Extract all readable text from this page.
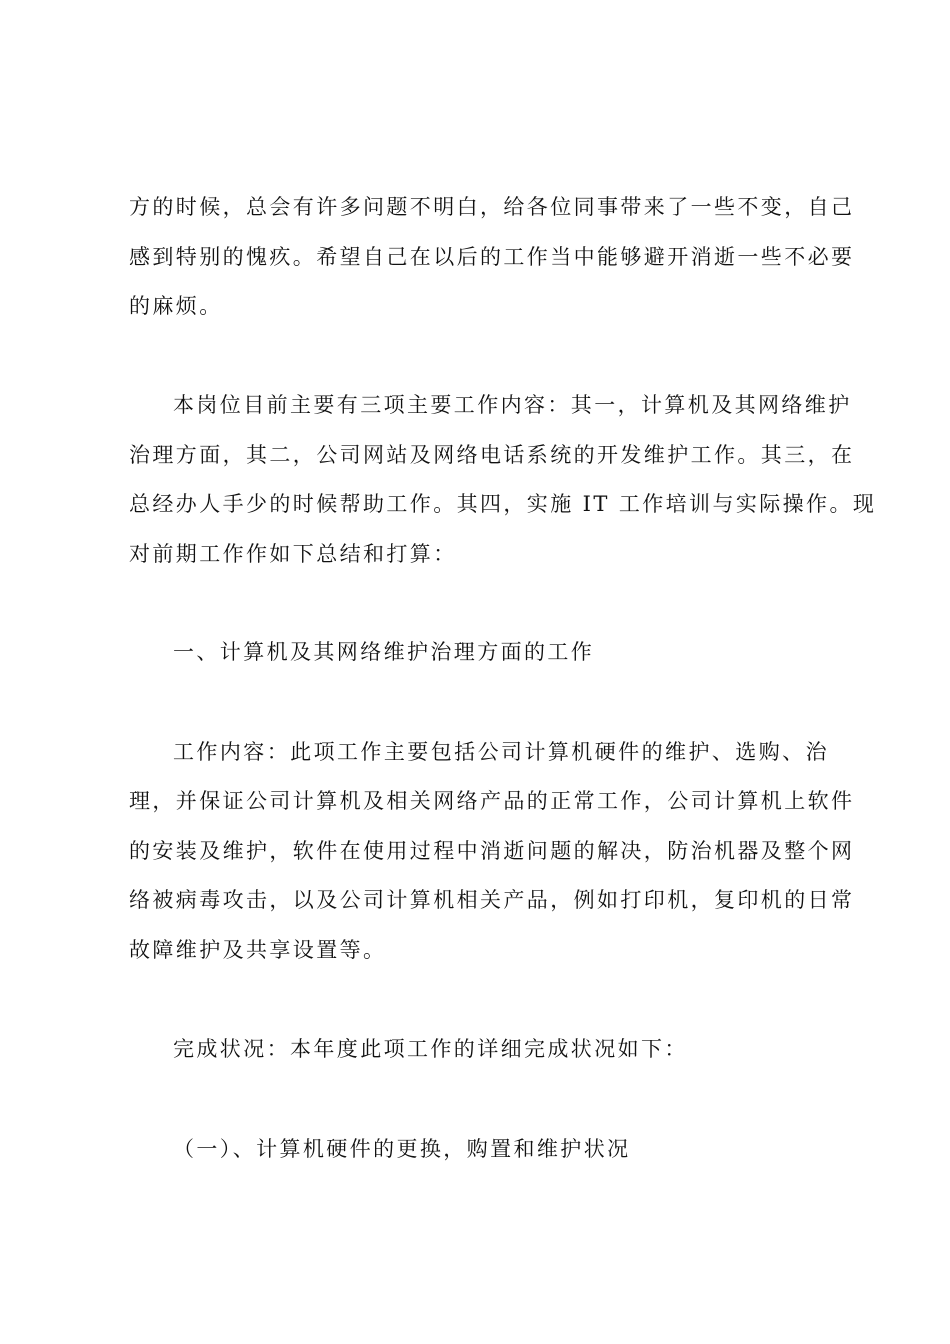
方的时候，总会有许多问题不明白，给各位同事带来了一些不变，自己
感到特别的愧疚。希望自己在以后的工作当中能够避开消逝一些不必要
的麻烦。
本岗位目前主要有三项主要工作内容：其一，计算机及其网络维护
治理方面，其二，公司网站及网络电话系统的开发维护工作。其三，在
总经办人手少的时候帮助工作。其四，实施 IT 工作培训与实际操作。现
对前期工作作如下总结和打算：
一、计算机及其网络维护治理方面的工作
工作内容：此项工作主要包括公司计算机硬件的维护、选购、治
理，并保证公司计算机及相关网络产品的正常工作，公司计算机上软件
的安装及维护，软件在使用过程中消逝问题的解决，防治机器及整个网
络被病毒攻击，以及公司计算机相关产品，例如打印机，复印机的日常
故障维护及共享设置等。
完成状况：本年度此项工作的详细完成状况如下：
（一）、计算机硬件的更换，购置和维护状况
